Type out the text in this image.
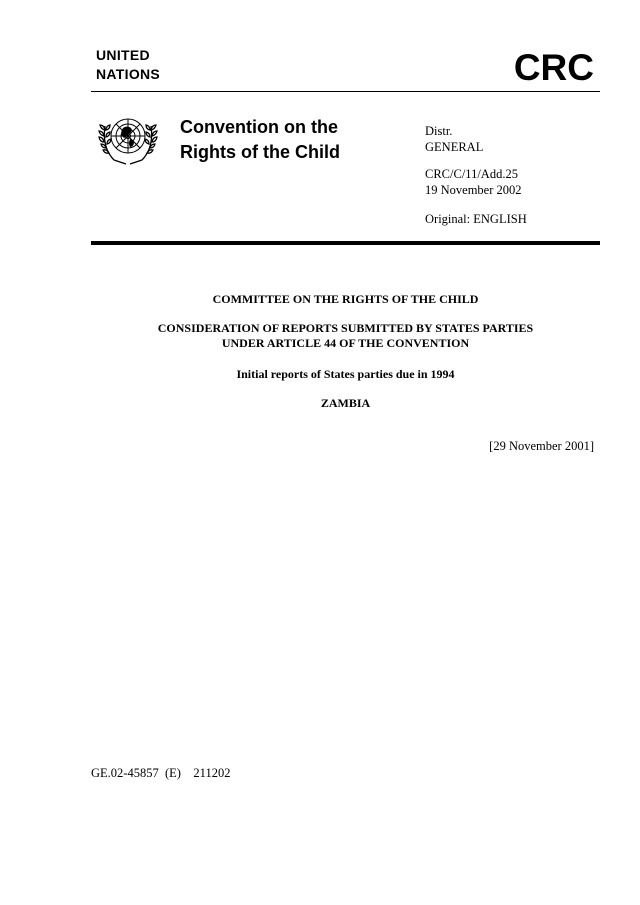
UNITED
NATIONS	CRC
Convention on the
Rights of the Child
Distr.
GENERAL
CRC/C/11/Add.25
19 November 2002
Original: ENGLISH
COMMITTEE ON THE RIGHTS OF THE CHILD
CONSIDERATION OF REPORTS SUBMITTED BY STATES PARTIES
UNDER ARTICLE 44 OF THE CONVENTION
Initial reports of States parties due in 1994
ZAMBIA
[29 November 2001]
GE.02-45857  (E)    211202
